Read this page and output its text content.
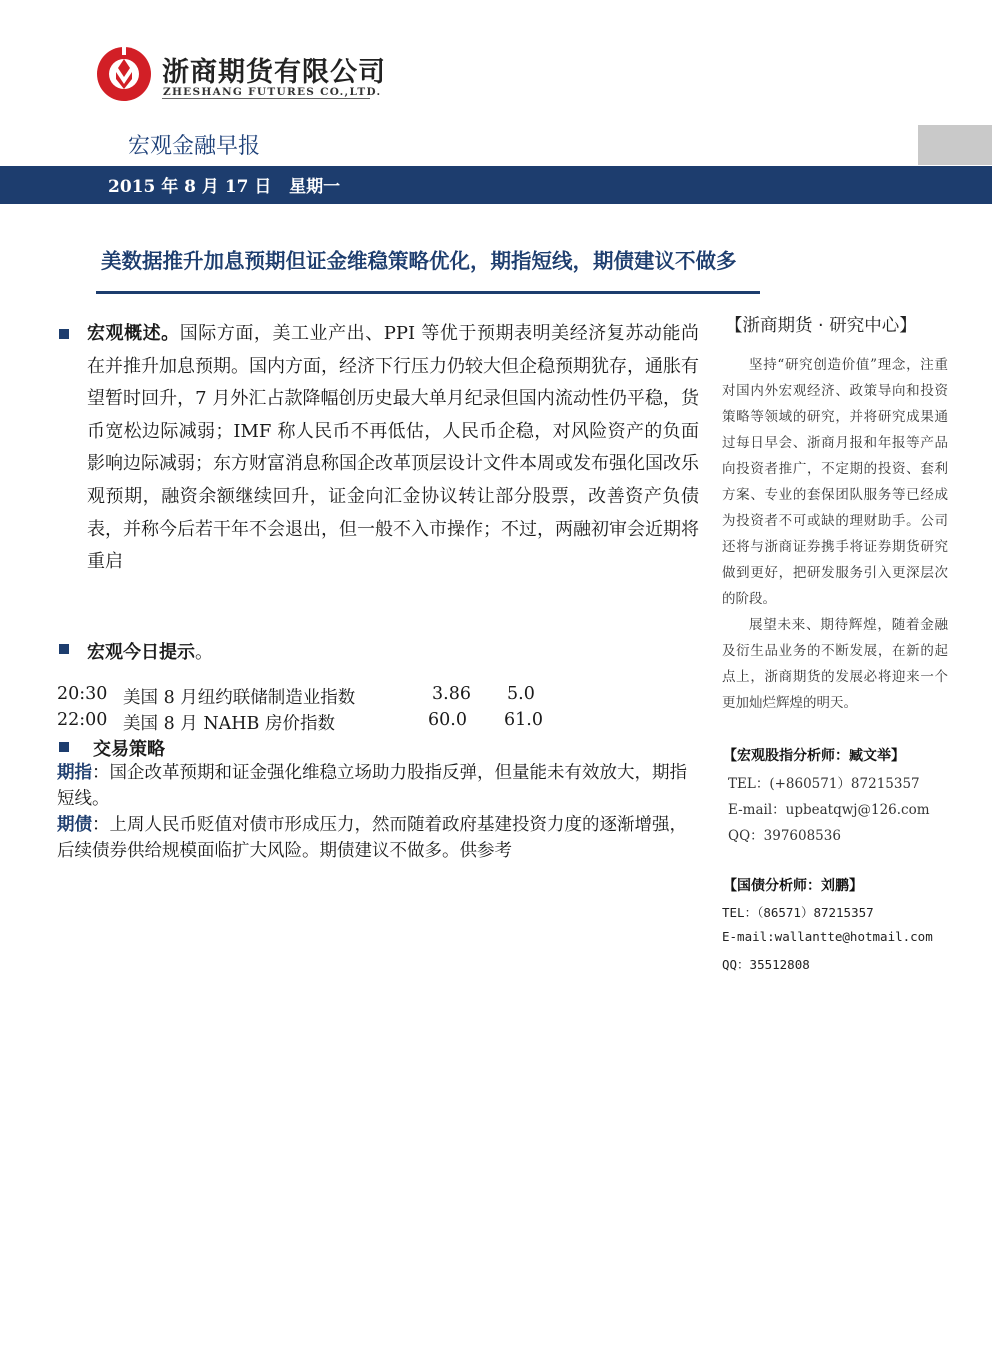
浙商期货有限公司
ZHESHANG FUTURES CO.,LTD.
宏观金融早报
2015 年 8 月 17 日 星期一
美数据推升加息预期但证金维稳策略优化，期指短线，期债建议不做多
宏观概述。国际方面，美工业产出、PPI 等优于预期表明美经济复苏动能尚在并推升加息预期。国内方面，经济下行压力仍较大但企稳预期犹存，通胀有望暂时回升，7 月外汇占款降幅创历史最大单月纪录但国内流动性仍平稳，货币宽松边际减弱；IMF 称人民币不再低估，人民币企稳，对风险资产的负面影响边际减弱；东方财富消息称国企改革顶层设计文件本周或发布强化国改乐观预期，融资余额继续回升，证金向汇金协议转让部分股票，改善资产负债表，并称今后若干年不会退出，但一般不入市操作；不过，两融初审会近期将重启
宏观今日提示。
20:30 美国 8 月纽约联储制造业指数	3.86 5.0
22:00 美国 8 月 NAHB 房价指数	60.0 61.0
交易策略
期指：国企改革预期和证金强化维稳立场助力股指反弹，但量能未有效放大，期指短线。
期债：上周人民币贬值对债市形成压力，然而随着政府基建投资力度的逐渐增强，后续债券供给规模面临扩大风险。期债建议不做多。供参考
【浙商期货 · 研究中心】

坚持“研究创造价值”理念，注重对国内外宏观经济、政策导向和投资策略等领域的研究，并将研究成果通过每日早会、浙商月报和年报等产品向投资者推广，不定期的投资、套利方案、专业的套保团队服务等已经成为投资者不可或缺的理财助手。公司还将与浙商证券携手将证券期货研究做到更好，把研发服务引入更深层次的阶段。

展望未来、期待辉煌，随着金融及衍生品业务的不断发展，在新的起点上，浙商期货的发展必将迎来一个更加灿烂辉煌的明天。

【宏观股指分析师：臧文举】
TEL：(+860571）87215357
E-mail：upbeatqwj@126.com
QQ：397608536
【国债分析师：刘鹏】
TEL：（86571）87215357
E-mail:wallantte@hotmail.com
QQ：35512808
